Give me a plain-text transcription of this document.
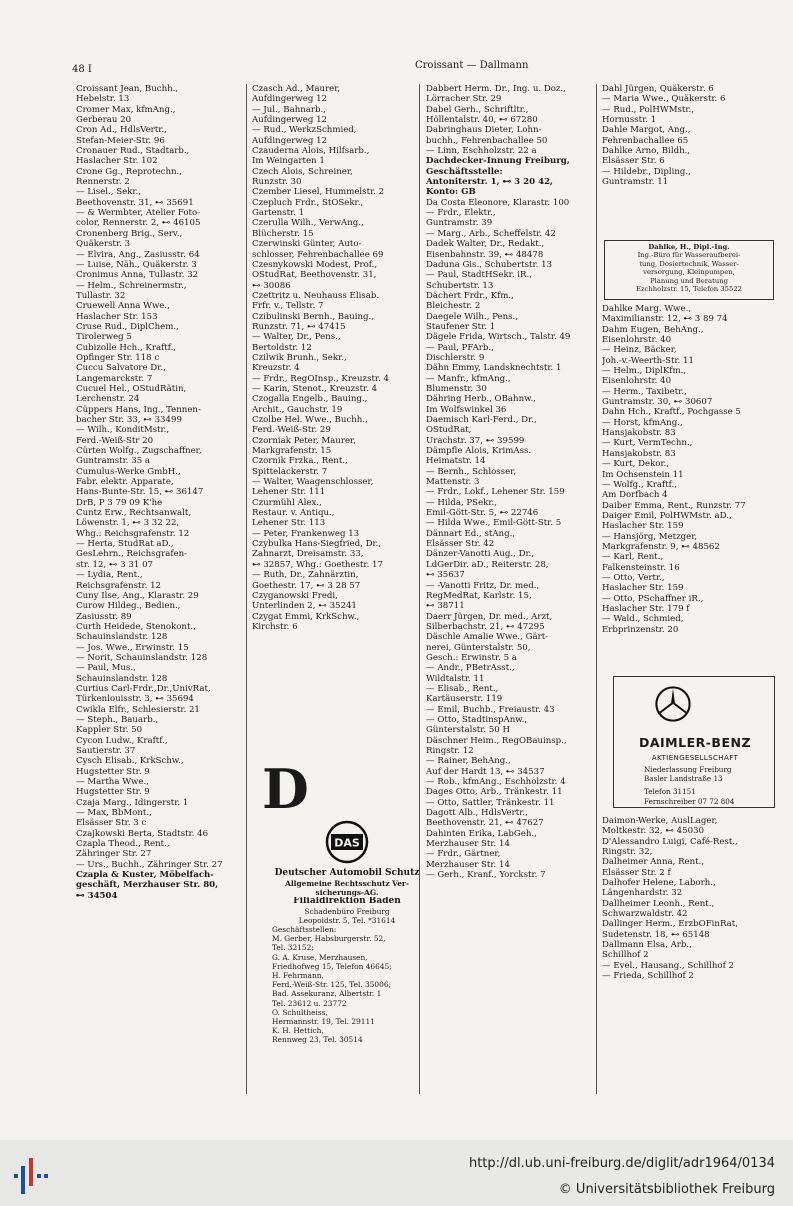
48 I	Croissant — Dallmann
Croissant Jean, Buchh.,
Hebelstr. 13
Cromer Max, kfmAng.,
Gerberau 20
Cron Ad., HdlsVertr.,
Stefan-Meier-Str. 96
Cronauer Rud., Stadtarb.,
Haslacher Str. 102
Crone Gg., Reprotechn.,
Rennerstr. 2
— Lisel., Sekr.,
Beethovenstr. 31, ⊷ 35691
— & Wermbter, Atelier Foto-
color, Rennerstr. 2, ⊷ 46105
Cronenberg Brig., Serv.,
Quäkerstr. 3
— Elvira, Ang., Zasiusstr. 64
— Luise, Näh., Quäkerstr. 3
Cronimus Anna, Tullastr. 32
— Helm., Schreinermstr.,
Tullastr. 32
Cruewell Anna Wwe.,
Haslacher Str. 153
Cruse Rud., DiplChem.,
Tirolerweg 5
Cubizolle Hch., Kraftf.,
Opfinger Str. 118 c
Cuccu Salvatore Dr.,
Langemarckstr. 7
Cucuel Hel., OStudRätin,
Lerchenstr. 24
Cüppers Hans, Ing., Tennen-
bacher Str. 33, ⊷ 33499
— Wilh., KonditMstr.,
Ferd.-Weiß-Str 20
Cürten Wolfg., Zugschaffner,
Guntramstr. 35 a
Cumulus-Werke GmbH.,
Fabr. elektr. Apparate,
Hans-Bunte-Str. 15, ⊷ 36147
DrB, P 3 79 09 K'he
Cuntz Erw., Rechtsanwalt,
Löwenstr. 1, ⊷ 3 32 22,
Whg.: Reichsgrafenstr. 12
— Herta, StudRat aD.,
GesLehrn., Reichsgrafen-
str. 12, ⊷ 3 31 07
— Lydia, Rent.,
Reichsgrafenstr. 12
Cuny Ilse, Ang., Klarastr. 29
Curow Hildeg., Bedien.,
Zasiusstr. 89
Curth Heidede, Stenokont.,
Schauinslandstr. 128
— Jos. Wwe., Erwinstr. 15
— Norit, Schauinslandstr. 128
— Paul, Mus.,
Schauinslandstr. 128
Curtius Carl-Frdr.,Dr.,UnivRat,
Türkenlouisstr. 3, ⊷ 35694
Cwikla Elfr., Schlesierstr. 21
— Steph., Bauarb.,
Kappler Str. 50
Cycon Ludw., Kraftf.,
Sautierstr. 37
Cysch Elisab., KrkSchw.,
Hugstetter Str. 9
— Martha Wwe.,
Hugstetter Str. 9
Czaja Marg., Idingerstr. 1
— Max, BbMont.,
Elsässer Str. 3 c
Czajkowski Berta, Stadtstr. 46
Czapla Theod., Rent.,
Zähringer Str. 27
— Urs., Buchh., Zähringer Str. 27
Czapla & Kuster, Möbelfach-
geschäft, Merzhauser Str. 80,
⊷ 34504
Czasch Ad., Maurer,
Aufdingerweg 12
— Jul., Bahnarb.,
Aufdingerweg 12
— Rud., WerkzSchmied,
Aufdingerweg 12
Czauderna Alois, Hilfsarb.,
Im Weingarten 1
Czech Alois, Schreiner,
Runzstr. 30
Czember Liesel, Hummelstr. 2
Czepluch Frdr., StOSekr.,
Gartenstr. 1
Czerulla Wilh., VerwAng.,
Blücherstr. 15
Czerwinski Günter, Auto-
schlosser, Fehrenbachallee 69
Czesnykowski Modest, Prof.,
OStudRat, Beethovenstr. 31,
⊷ 30086
Czettritz u. Neuhauss Elisab.
Frfr. v., Tellstr. 7
Czibulinski Bernh., Bauing.,
Runzstr. 71, ⊷ 47415
— Walter, Dr., Pens.,
Bertoldstr. 12
Czilwik Brunh., Sekr.,
Kreuzstr. 4
— Frdr., RegOInsp., Kreuzstr. 4
— Karin, Stenot., Kreuzstr. 4
Czogalla Engelb., Bauing.,
Archit., Gauchstr. 19
Czolbe Hel. Wwe., Buchh.,
Ferd.-Weiß-Str. 29
Czorniak Peter, Maurer,
Markgrafenstr. 15
Czornik Frzka., Rent.,
Spittelackerstr. 7
— Walter, Waagenschlosser,
Lehener Str. 111
Czurmühl Alex.,
Restaur. v. Antiqu.,
Lehener Str. 113
— Peter, Frankenweg 13
Czybulka Hans-Siegfried, Dr.,
Zahnarzt, Dreisamstr. 33,
⊷ 32857, Whg.: Goethestr. 17
— Ruth, Dr., Zahnärztin,
Goethestr. 17, ⊷ 3 28 57
Czyganowski Fredi,
Unterlinden 2, ⊷ 35241
Czygat Emmi, KrkSchw.,
Kirchstr. 6
Dabbert Herm. Dr., Ing. u. Doz.,
Lörracher Str. 29
Dabel Gerh., Schriftltr.,
Höllentalstr. 40, ⊷ 67280
Dabringhaus Dieter, Lohn-
buchh., Fehrenbachallee 50
— Linn, Eschholzstr. 22 a
Dachdecker-Innung Freiburg,
Geschäftsstelle:
Antoniterstr. 1, ⊷ 3 20 42,
Konto: GB
Da Costa Eleonore, Klarastr. 100
— Frdr., Elektr.,
Guntramstr. 39
— Marg., Arb., Scheffelstr. 42
Dadek Walter, Dr., Redakt.,
Eisenbahnstr. 39, ⊷ 48478
Daduna Gis., Schubertstr. 13
— Paul, StadtHSekr. iR.,
Schubertstr. 13
Dächert Frdr., Kfm.,
Bleichestr. 2
Daegele Wilh., Pens.,
Staufener Str. 1
Dägele Frida, Wirtsch., Talstr. 49
— Paul, PFArb.,
Dischlerstr. 9
Dähn Emmy, Landsknechtstr. 1
— Manfr., kfmAng.,
Blumenstr. 30
Dähring Herb., OBahnw.,
Im Wolfswinkel 36
Daemisch Karl-Ferd., Dr.,
OStudRat,
Urachstr. 37, ⊷ 39599
Dämpfle Alois, KrimAss.
Heimatstr. 14
— Bernh., Schlosser,
Mattenstr. 3
— Frdr., Lokf., Lehener Str. 159
— Hilda, PSekr.,
Emil-Gött-Str. 5, ⊷ 22746
— Hilda Wwe., Emil-Gött-Str. 5
Dännart Ed., stAng.,
Elsässer Str. 42
Dänzer-Vanotti Aug., Dr.,
LdGerDir. aD., Reiterstr. 28,
⊷ 35637
— -Vanotti Fritz, Dr. med.,
RegMedRat, Karlstr. 15,
⊷ 38711
Daerr Jürgen, Dr. med., Arzt,
Silberbachstr. 21, ⊷ 47295
Däschle Amalie Wwe., Gärt-
nerei, Günterstalstr. 50,
Gesch.: Erwinstr. 5 a
— Andr., PBetrAsst.,
Wildtalstr. 11
— Elisab., Rent.,
Kartäuserstr. 119
— Emil, Buchb., Freiaustr. 43
— Otto, StadtinspAnw.,
Günterstalstr. 50 H
Däschner Heim., RegOBauinsp.,
Ringstr. 12
— Rainer, BehAng.,
Auf der Hardt 13, ⊷ 34537
— Rob., kfmAng., Eschholzstr. 4
Dages Otto, Arb., Tränkestr. 11
— Otto, Sattler, Tränkestr. 11
Dagott Alb., HdlsVertr.,
Beethovenstr. 21, ⊷ 47627
Dahinten Erika, LabGeh.,
Merzhauser Str. 14
— Frdr., Gärtner,
Merzhauser Str. 14
— Gerh., Kranf., Yorckstr. 7
Dahl Jürgen, Quäkerstr. 6
— Maria Wwe., Quäkerstr. 6
— Rud., PolHWMstr.,
Hornusstr. 1
Dahle Margot, Ang.,
Fehrenbachallee 65
Dahlke Arno, Bildh.,
Elsässer Str. 6
— Hildebr., Dipling.,
Guntramstr. 11
Dahlke Marg. Wwe.,
Maximilianstr. 12, ⊷ 3 89 74
Dahm Eugen, BehAng.,
Eisenlohrstr. 40
— Heinz, Bäcker,
Joh.-v.-Weerth-Str. 11
— Helm., DiplKfm.,
Eisenlohrstr. 40
— Herm., Taxibetr.,
Guntramstr. 30, ⊷ 30607
Dahn Hch., Kraftf., Pochgasse 5
— Horst, kfmAng.,
Hansjakobstr. 83
— Kurt, VermTechn.,
Hansjakobstr. 83
— Kurt, Dekor.,
Im Ochsenstein 11
— Wolfg., Kraftf.,
Am Dorfbach 4
Daiber Emma, Rent., Runzstr. 77
Daiger Emil, PolHWMstr. aD.,
Haslacher Str. 159
— Hansjörg, Metzger,
Markgrafenstr. 9, ⊷ 48562
— Karl, Rent.,
Falkensteinstr. 16
— Otto, Vertr.,
Haslacher Str. 159
— Otto, PSchaffner iR.,
Haslacher Str. 179 f
— Wald., Schmied,
Erbprinzenstr. 20
Daimon-Werke, AuslLager,
Moltkestr. 32, ⊷ 45030
D'Alessandro Luigi, Café-Rest.,
Ringstr. 32,
Dalheimer Anna, Rent.,
Elsässer Str. 2 f
Dalhofer Helene, Laborh.,
Längenhardstr. 32
Dallheimer Leonh., Rent.,
Schwarzwaldstr. 42
Dallinger Herm., ErzbOFinRat,
Sudetenstr. 18, ⊷ 65148
Dallmann Elsa, Arb.,
Schillhof 2
— Evel., Hausang., Schillhof 2
— Frieda, Schillhof 2
Dahlke, H., Dipl.-Ing.
Ing.-Büro für Wasseraufberei-
tung, Dosiertechnik, Wasser-
versorgung, Kleinpumpen,
Planung und Beratung
Ezchholzstr. 15, Telefon 35522
D
DAS
Deutscher Automobil Schutz
Allgemeine Rechtsschutz Ver-
sicherungs-AG.
Filialdirektion Baden
Schadenbüro Freiburg
Leopoldstr. 5, Tel. *31614
Geschäftsstellen:
M. Gerber, Habsburgerstr. 52,
Tel. 32152;
G. A. Kruse, Merzhausen,
Friedhofweg 15, Telefon 46645;
H. Fehrmann,
Ferd.-Weiß-Str. 125, Tel. 35006;
Bad. Assekuranz, Albertstr. 1
Tel. 23612 u. 23772
O. Schultheiss,
Hermannstr. 19, Tel. 29111
K. H. Hettich,
Rennweg 23, Tel. 30514
DAIMLER-BENZ
AKTIENGESELLSCHAFT
Niederlassung Freiburg
Basler Landstraße 13
Telefon 31151
Fernschreiber 07 72 804
http://dl.ub.uni-freiburg.de/diglit/adr1964/0134
© Universitätsbibliothek Freiburg
